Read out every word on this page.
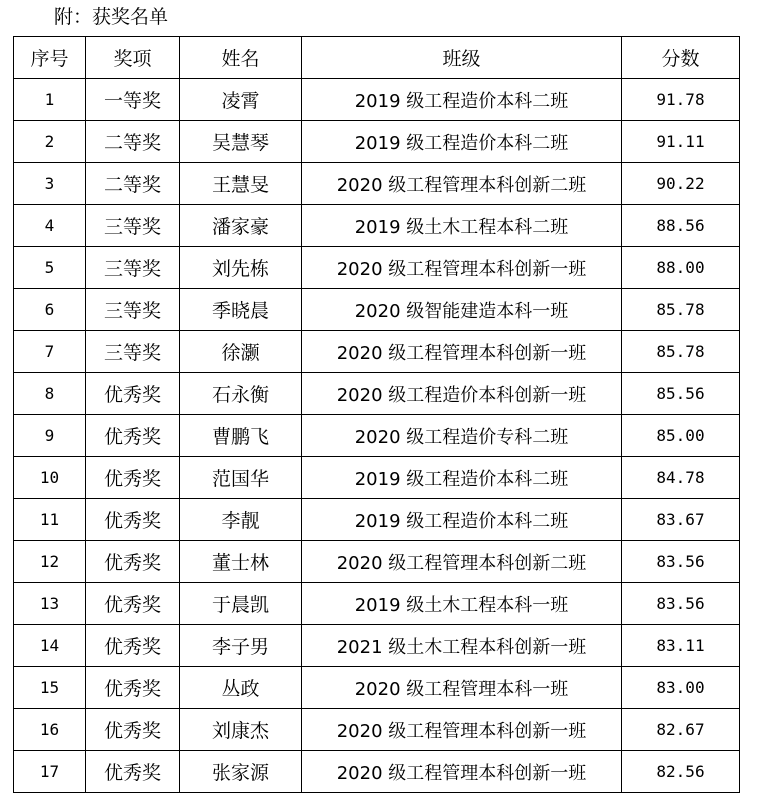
附：获奖名单
序号	奖项	姓名	班级	分数
1	一等奖	凌霄	2019 级工程造价本科二班	91.78
2	二等奖	吴慧琴	2019 级工程造价本科二班	91.11
3	二等奖	王慧旻	2020 级工程管理本科创新二班	90.22
4	三等奖	潘家豪	2019 级土木工程本科二班	88.56
5	三等奖	刘先栋	2020 级工程管理本科创新一班	88.00
6	三等奖	季晓晨	2020 级智能建造本科一班	85.78
7	三等奖	徐灏	2020 级工程管理本科创新一班	85.78
8	优秀奖	石永衡	2020 级工程造价本科创新一班	85.56
9	优秀奖	曹鹏飞	2020 级工程造价专科二班	85.00
10	优秀奖	范国华	2019 级工程造价本科二班	84.78
11	优秀奖	李靓	2019 级工程造价本科二班	83.67
12	优秀奖	董士林	2020 级工程管理本科创新二班	83.56
13	优秀奖	于晨凯	2019 级土木工程本科一班	83.56
14	优秀奖	李子男	2021 级土木工程本科创新一班	83.11
15	优秀奖	丛政	2020 级工程管理本科一班	83.00
16	优秀奖	刘康杰	2020 级工程管理本科创新一班	82.67
17	优秀奖	张家源	2020 级工程管理本科创新一班	82.56
